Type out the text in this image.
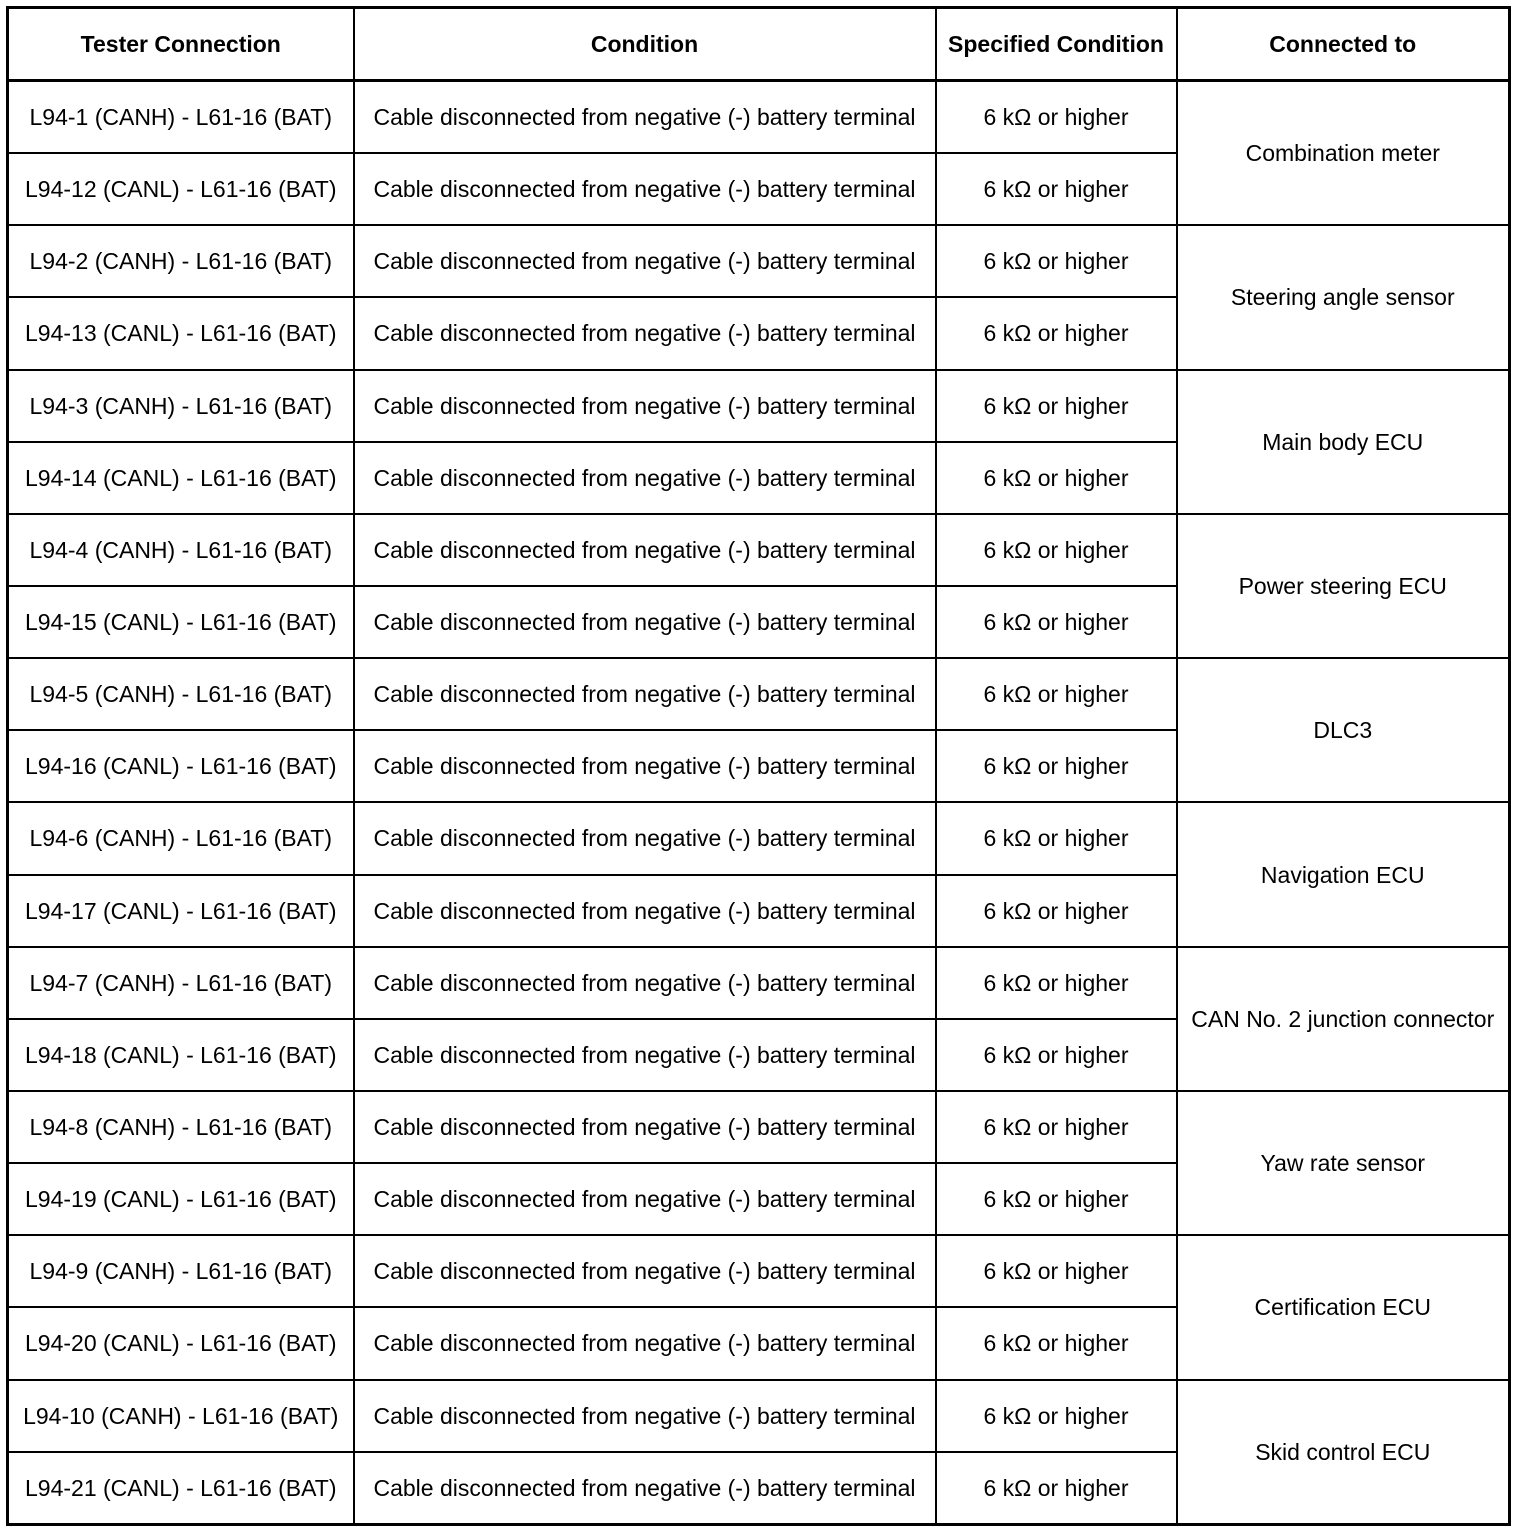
Tester Connection	Condition	Specified Condition	Connected to
L94-1 (CANH) - L61-16 (BAT)	Cable disconnected from negative (-) battery terminal	6 kΩ or higher	Combination meter
L94-12 (CANL) - L61-16 (BAT)	Cable disconnected from negative (-) battery terminal	6 kΩ or higher	
L94-2 (CANH) - L61-16 (BAT)	Cable disconnected from negative (-) battery terminal	6 kΩ or higher	Steering angle sensor
L94-13 (CANL) - L61-16 (BAT)	Cable disconnected from negative (-) battery terminal	6 kΩ or higher	
L94-3 (CANH) - L61-16 (BAT)	Cable disconnected from negative (-) battery terminal	6 kΩ or higher	Main body ECU
L94-14 (CANL) - L61-16 (BAT)	Cable disconnected from negative (-) battery terminal	6 kΩ or higher	
L94-4 (CANH) - L61-16 (BAT)	Cable disconnected from negative (-) battery terminal	6 kΩ or higher	Power steering ECU
L94-15 (CANL) - L61-16 (BAT)	Cable disconnected from negative (-) battery terminal	6 kΩ or higher	
L94-5 (CANH) - L61-16 (BAT)	Cable disconnected from negative (-) battery terminal	6 kΩ or higher	DLC3
L94-16 (CANL) - L61-16 (BAT)	Cable disconnected from negative (-) battery terminal	6 kΩ or higher	
L94-6 (CANH) - L61-16 (BAT)	Cable disconnected from negative (-) battery terminal	6 kΩ or higher	Navigation ECU
L94-17 (CANL) - L61-16 (BAT)	Cable disconnected from negative (-) battery terminal	6 kΩ or higher	
L94-7 (CANH) - L61-16 (BAT)	Cable disconnected from negative (-) battery terminal	6 kΩ or higher	CAN No. 2 junction connector
L94-18 (CANL) - L61-16 (BAT)	Cable disconnected from negative (-) battery terminal	6 kΩ or higher	
L94-8 (CANH) - L61-16 (BAT)	Cable disconnected from negative (-) battery terminal	6 kΩ or higher	Yaw rate sensor
L94-19 (CANL) - L61-16 (BAT)	Cable disconnected from negative (-) battery terminal	6 kΩ or higher	
L94-9 (CANH) - L61-16 (BAT)	Cable disconnected from negative (-) battery terminal	6 kΩ or higher	Certification ECU
L94-20 (CANL) - L61-16 (BAT)	Cable disconnected from negative (-) battery terminal	6 kΩ or higher	
L94-10 (CANH) - L61-16 (BAT)	Cable disconnected from negative (-) battery terminal	6 kΩ or higher	Skid control ECU
L94-21 (CANL) - L61-16 (BAT)	Cable disconnected from negative (-) battery terminal	6 kΩ or higher	
